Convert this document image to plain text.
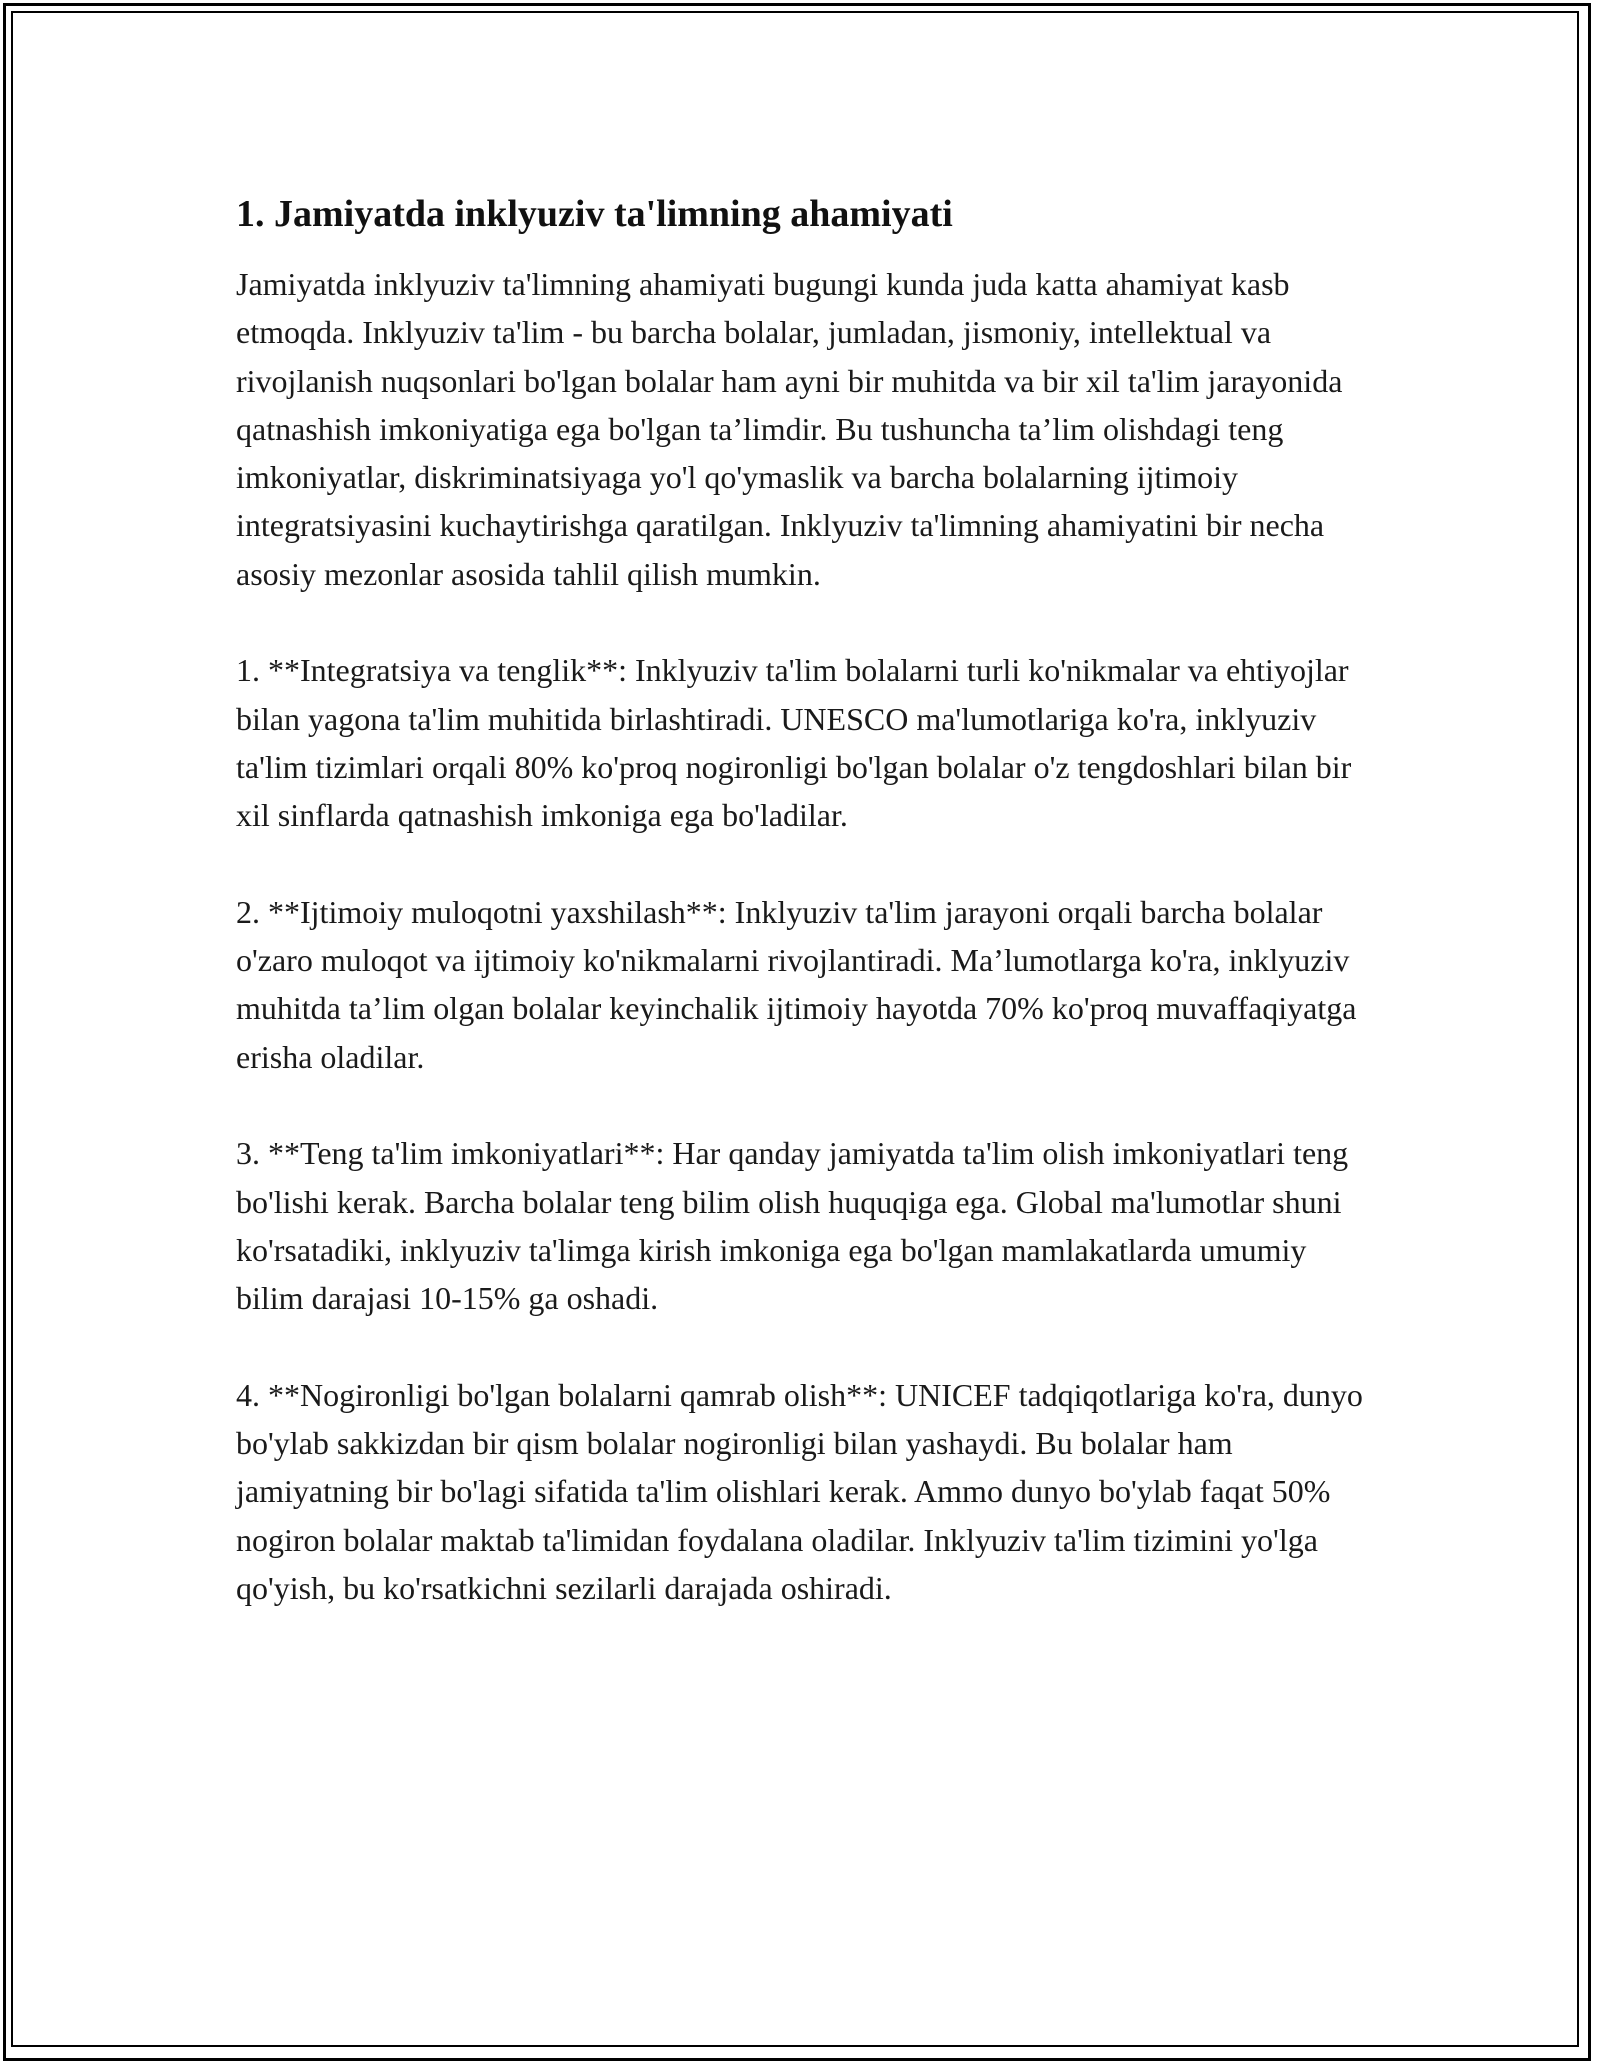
1. Jamiyatda inklyuziv ta'limning ahamiyati

Jamiyatda inklyuziv ta'limning ahamiyati bugungi kunda juda katta ahamiyat kasb etmoqda. Inklyuziv ta'lim - bu barcha bolalar, jumladan, jismoniy, intellektual va rivojlanish nuqsonlari bo'lgan bolalar ham ayni bir muhitda va bir xil ta'lim jarayonida qatnashish imkoniyatiga ega bo'lgan ta’limdir. Bu tushuncha ta’lim olishdagi teng imkoniyatlar, diskriminatsiyaga yo'l qo'ymaslik va barcha bolalarning ijtimoiy integratsiyasini kuchaytirishga qaratilgan. Inklyuziv ta'limning ahamiyatini bir necha asosiy mezonlar asosida tahlil qilish mumkin.

1. **Integratsiya va tenglik**: Inklyuziv ta'lim bolalarni turli ko'nikmalar va ehtiyojlar bilan yagona ta'lim muhitida birlashtiradi. UNESCO ma'lumotlariga ko'ra, inklyuziv ta'lim tizimlari orqali 80% ko'proq nogironligi bo'lgan bolalar o'z tengdoshlari bilan bir xil sinflarda qatnashish imkoniga ega bo'ladilar.

2. **Ijtimoiy muloqotni yaxshilash**: Inklyuziv ta'lim jarayoni orqali barcha bolalar o'zaro muloqot va ijtimoiy ko'nikmalarni rivojlantiradi. Ma’lumotlarga ko'ra, inklyuziv muhitda ta’lim olgan bolalar keyinchalik ijtimoiy hayotda 70% ko'proq muvaffaqiyatga erisha oladilar.

3. **Teng ta'lim imkoniyatlari**: Har qanday jamiyatda ta'lim olish imkoniyatlari teng bo'lishi kerak. Barcha bolalar teng bilim olish huquqiga ega. Global ma'lumotlar shuni ko'rsatadiki, inklyuziv ta'limga kirish imkoniga ega bo'lgan mamlakatlarda umumiy bilim darajasi 10-15% ga oshadi.

4. **Nogironligi bo'lgan bolalarni qamrab olish**: UNICEF tadqiqotlariga ko'ra, dunyo bo'ylab sakkizdan bir qism bolalar nogironligi bilan yashaydi. Bu bolalar ham jamiyatning bir bo'lagi sifatida ta'lim olishlari kerak. Ammo dunyo bo'ylab faqat 50% nogiron bolalar maktab ta'limidan foydalana oladilar. Inklyuziv ta'lim tizimini yo'lga qo'yish, bu ko'rsatkichni sezilarli darajada oshiradi.
